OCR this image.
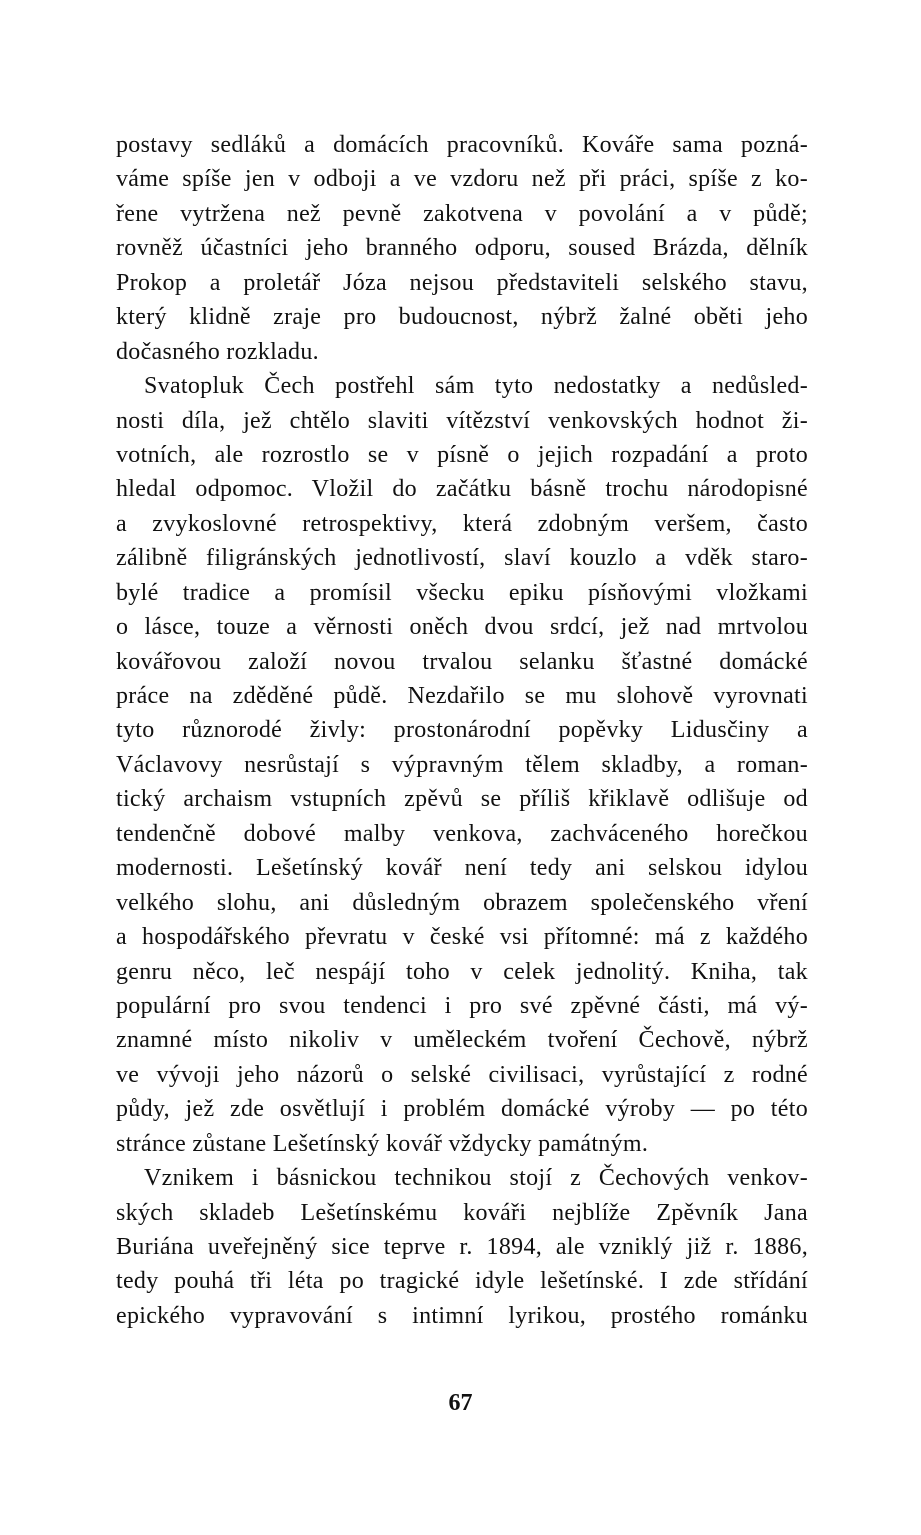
postavy sedláků a domácích pracovníků. Kováře sama pozná-
váme spíše jen v odboji a ve vzdoru než při práci, spíše z ko-
řene vytržena než pevně zakotvena v povolání a v půdě;
rovněž účastníci jeho branného odporu, soused Brázda, dělník
Prokop a proletář Józa nejsou představiteli selského stavu,
který klidně zraje pro budoucnost, nýbrž žalné oběti jeho
dočasného rozkladu.
Svatopluk Čech postřehl sám tyto nedostatky a nedůsled-
nosti díla, jež chtělo slaviti vítězství venkovských hodnot ži-
votních, ale rozrostlo se v písně o jejich rozpadání a proto
hledal odpomoc. Vložil do začátku básně trochu národopisné
a zvykoslovné retrospektivy, která zdobným veršem, často
zálibně filigránských jednotlivostí, slaví kouzlo a vděk staro-
bylé tradice a promísil všecku epiku písňovými vložkami
o lásce, touze a věrnosti oněch dvou srdcí, jež nad mrtvolou
kovářovou založí novou trvalou selanku šťastné domácké
práce na zděděné půdě. Nezdařilo se mu slohově vyrovnati
tyto různorodé živly: prostonárodní popěvky Lidusčiny a
Václavovy nesrůstají s výpravným tělem skladby, a roman-
tický archaism vstupních zpěvů se příliš křiklavě odlišuje od
tendenčně dobové malby venkova, zachváceného horečkou
modernosti. Lešetínský kovář není tedy ani selskou idylou
velkého slohu, ani důsledným obrazem společenského vření
a hospodářského převratu v české vsi přítomné: má z každého
genru něco, leč nespájí toho v celek jednolitý. Kniha, tak
populární pro svou tendenci i pro své zpěvné části, má vý-
znamné místo nikoliv v uměleckém tvoření Čechově, nýbrž
ve vývoji jeho názorů o selské civilisaci, vyrůstající z rodné
půdy, jež zde osvětlují i problém domácké výroby — po této
stránce zůstane Lešetínský kovář vždycky památným.
Vznikem i básnickou technikou stojí z Čechových venkov-
ských skladeb Lešetínskému kováři nejblíže Zpěvník Jana
Buriána uveřejněný sice teprve r. 1894, ale vzniklý již r. 1886,
tedy pouhá tři léta po tragické idyle lešetínské. I zde střídání
epického vypravování s intimní lyrikou, prostého románku
67
